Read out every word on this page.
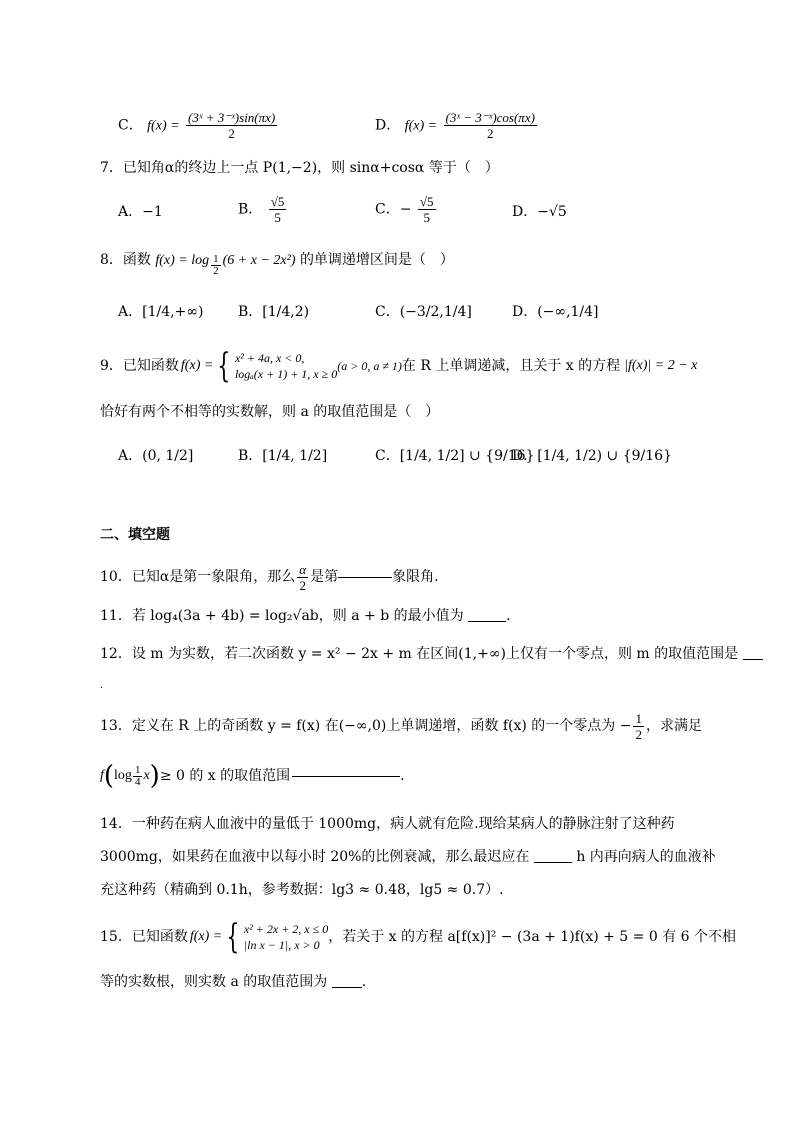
C． $f(x) = \frac{\text{(3ˣ + 3⁻ˣ)sin(πx)}}{2}$	D． $f(x) = \frac{\text{(3ˣ − 3⁻ˣ)cos(πx)}}{2}$
7．已知角α的终边上一点 P(1,−2)，则 sinα+cosα 等于（　）
A．−1	B． $\frac{√5}{5}$	C．− $\frac{√5}{5}$	D．−√5
8．函数 $f(x) = \log \frac{1}{2} (6 + x - 2x^2)$ 的单调递增区间是（　）
A．[1/4,+∞) B．[1/4,2)	C．(−3/2,1/4]	D．(−∞,1/4]
9．已知函数 f(x) = { x² + 4a, x < 0,
logₐ(x + 1) + 1, x ≥ 0
(a > 0, a ≠ 1) 在 R 上单调递减，且关于 x 的方程 |f(x)| = 2 − x
恰好有两个不相等的实数解，则 a 的取值范围是（　）
A．(0, 1/2]	B．[1/4, 1/2]	C．[1/4, 1/2] ∪ {9/16}
D．[1/4, 1/2) ∪ {9/16}
二、填空题
10．已知α是第一象限角，那么 $\frac{\alpha}{2}$ 是第	象限角.
11．若 log₄(3a + 4b) = log₂√ab，则 a + b 的最小值为	.
12．设 m 为实数，若二次函数 y = x² − 2x + m 在区间(1,+∞)上仅有一个零点，则 m 的取值范围是
.
13．定义在 R 上的奇函数 y = f(x) 在(−∞,0)上单调递增，函数 f(x) 的一个零点为 − $\frac{1}{2}$ ，求满足
f ( $\log \frac{1}{4}$ x ) ≥ 0 的 x 的取值范围	.
14．一种药在病人血液中的量低于 1000mg，病人就有危险.现给某病人的静脉注射了这种药
3000mg，如果药在血液中以每小时 20%的比例衰减，那么最迟应在	h 内再向病人的血液补
充这种药（精确到 0.1h，参考数据：lg3 ≈ 0.48，lg5 ≈ 0.7）.
15．已知函数 f(x) = { x² + 2x + 2, x ≤ 0
|ln x − 1|, x > 0 ，若关于 x 的方程 a[f(x)]² − (3a + 1)f(x) + 5 = 0 有 6 个不相
等的实数根，则实数 a 的取值范围为 .
